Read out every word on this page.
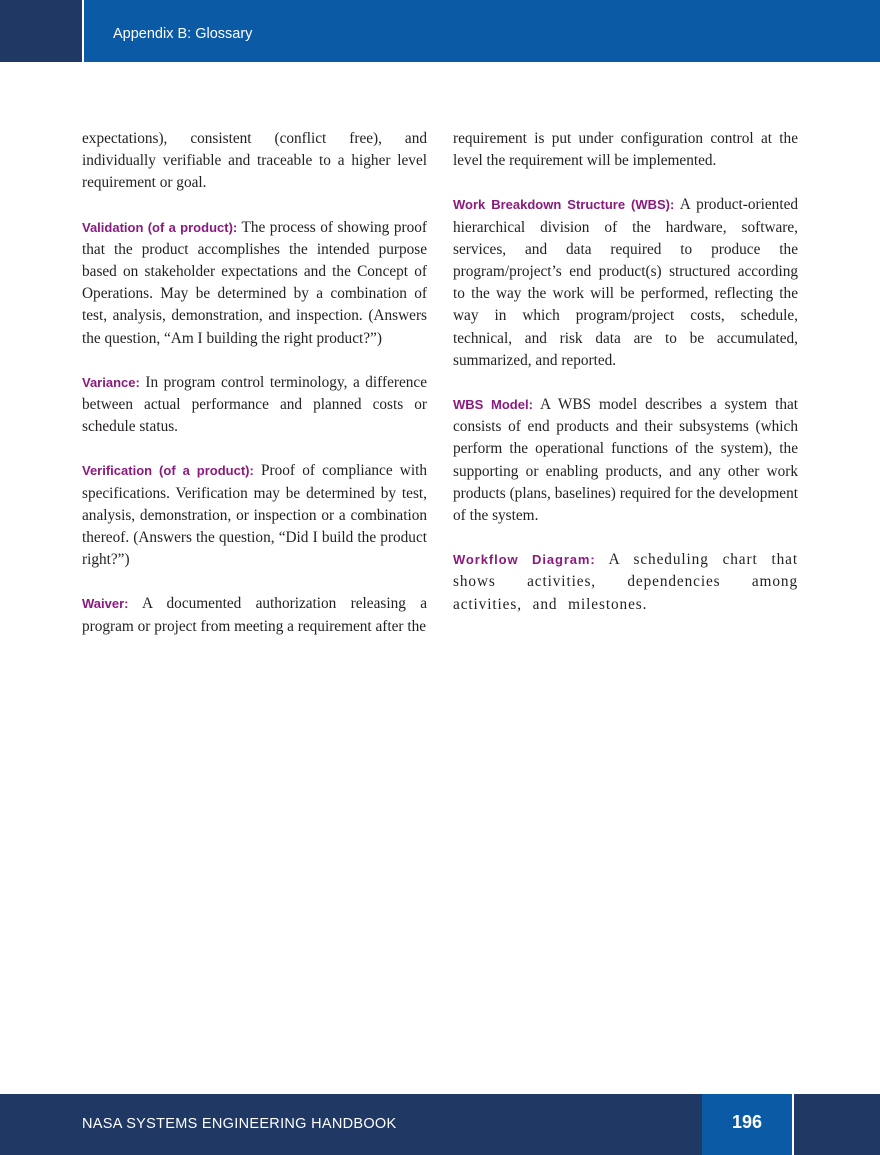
Appendix B: Glossary

expectations), consistent (conflict free), and individually verifiable and traceable to a higher level requirement or goal.

Validation (of a product): The process of showing proof that the product accomplishes the intended purpose based on stakeholder expectations and the Concept of Operations. May be determined by a combination of test, analysis, demonstration, and inspection. (Answers the question, “Am I building the right product?”)

Variance: In program control terminology, a difference between actual performance and planned costs or schedule status.

Verification (of a product): Proof of compliance with specifications. Verification may be determined by test, analysis, demonstration, or inspection or a combination thereof. (Answers the question, “Did I build the product right?”)

Waiver: A documented authorization releasing a program or project from meeting a requirement after the

requirement is put under configuration control at the level the requirement will be implemented.

Work Breakdown Structure (WBS): A product-oriented hierarchical division of the hardware, software, services, and data required to produce the program/project’s end product(s) structured according to the way the work will be performed, reflecting the way in which program/project costs, schedule, technical, and risk data are to be accumulated, summarized, and reported.

WBS Model: A WBS model describes a system that consists of end products and their subsystems (which perform the operational functions of the system), the supporting or enabling products, and any other work products (plans, baselines) required for the development of the system.

Workflow Diagram: A scheduling chart that shows activities, dependencies among activities, and milestones.

NASA SYSTEMS ENGINEERING HANDBOOK	196
